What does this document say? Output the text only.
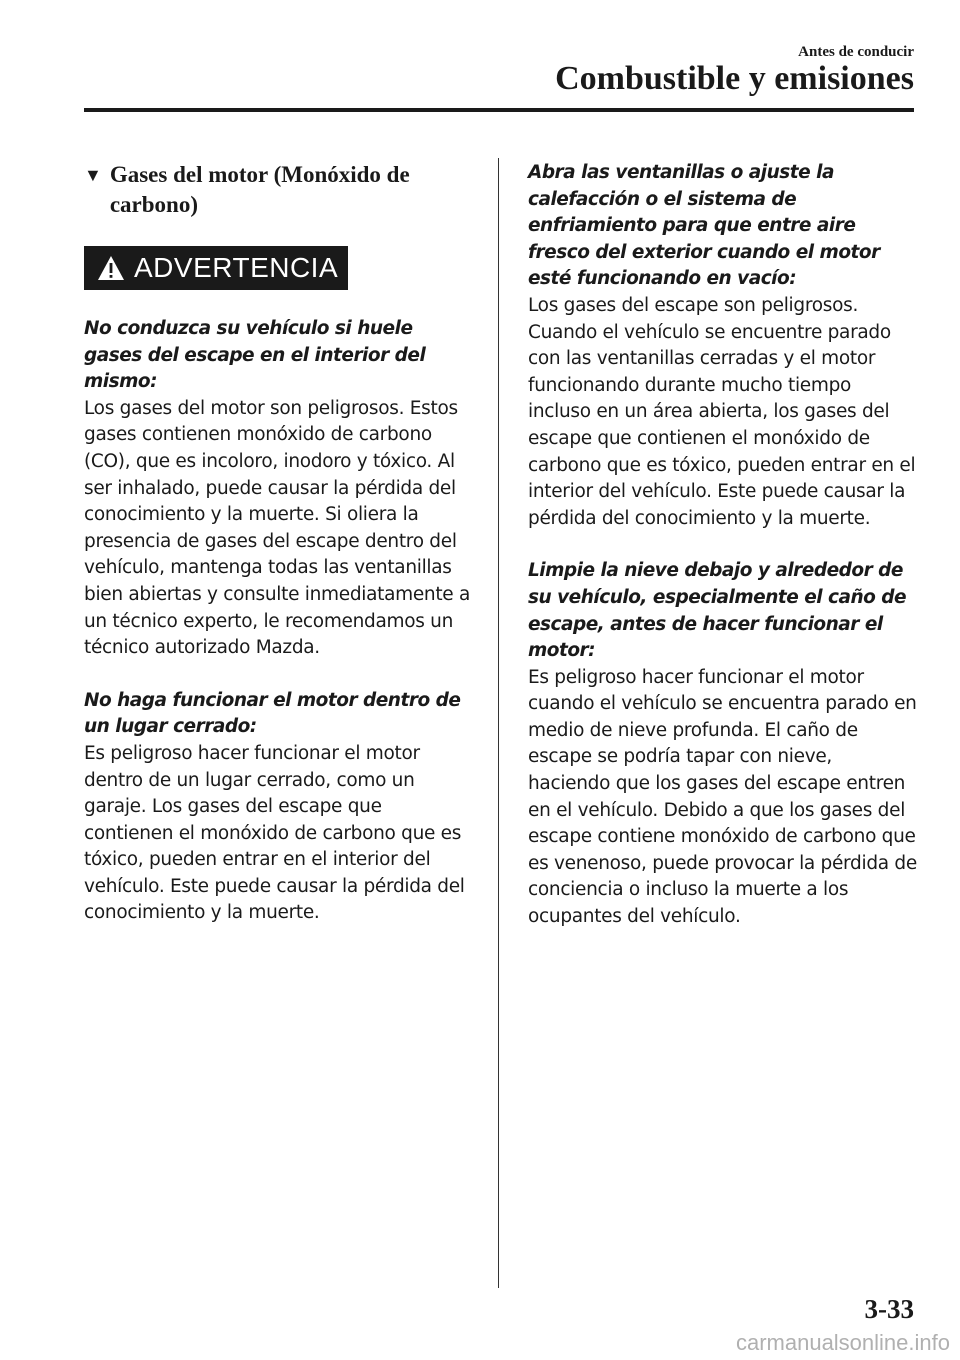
Antes de conducir
Combustible y emisiones
▼ Gases del motor (Monóxido de carbono)
ADVERTENCIA
No conduzca su vehículo si huele gases del escape en el interior del mismo:
Los gases del motor son peligrosos. Estos gases contienen monóxido de carbono (CO), que es incoloro, inodoro y tóxico. Al ser inhalado, puede causar la pérdida del conocimiento y la muerte. Si oliera la presencia de gases del escape dentro del vehículo, mantenga todas las ventanillas bien abiertas y consulte inmediatamente a un técnico experto, le recomendamos un técnico autorizado Mazda.
No haga funcionar el motor dentro de un lugar cerrado:
Es peligroso hacer funcionar el motor dentro de un lugar cerrado, como un garaje. Los gases del escape que contienen el monóxido de carbono que es tóxico, pueden entrar en el interior del vehículo. Este puede causar la pérdida del conocimiento y la muerte.
Abra las ventanillas o ajuste la calefacción o el sistema de enfriamiento para que entre aire fresco del exterior cuando el motor esté funcionando en vacío:
Los gases del escape son peligrosos. Cuando el vehículo se encuentre parado con las ventanillas cerradas y el motor funcionando durante mucho tiempo incluso en un área abierta, los gases del escape que contienen el monóxido de carbono que es tóxico, pueden entrar en el interior del vehículo. Este puede causar la pérdida del conocimiento y la muerte.
Limpie la nieve debajo y alrededor de su vehículo, especialmente el caño de escape, antes de hacer funcionar el motor:
Es peligroso hacer funcionar el motor cuando el vehículo se encuentra parado en medio de nieve profunda. El caño de escape se podría tapar con nieve, haciendo que los gases del escape entren en el vehículo. Debido a que los gases del escape contiene monóxido de carbono que es venenoso, puede provocar la pérdida de conciencia o incluso la muerte a los ocupantes del vehículo.
3-33
carmanualsonline.info
